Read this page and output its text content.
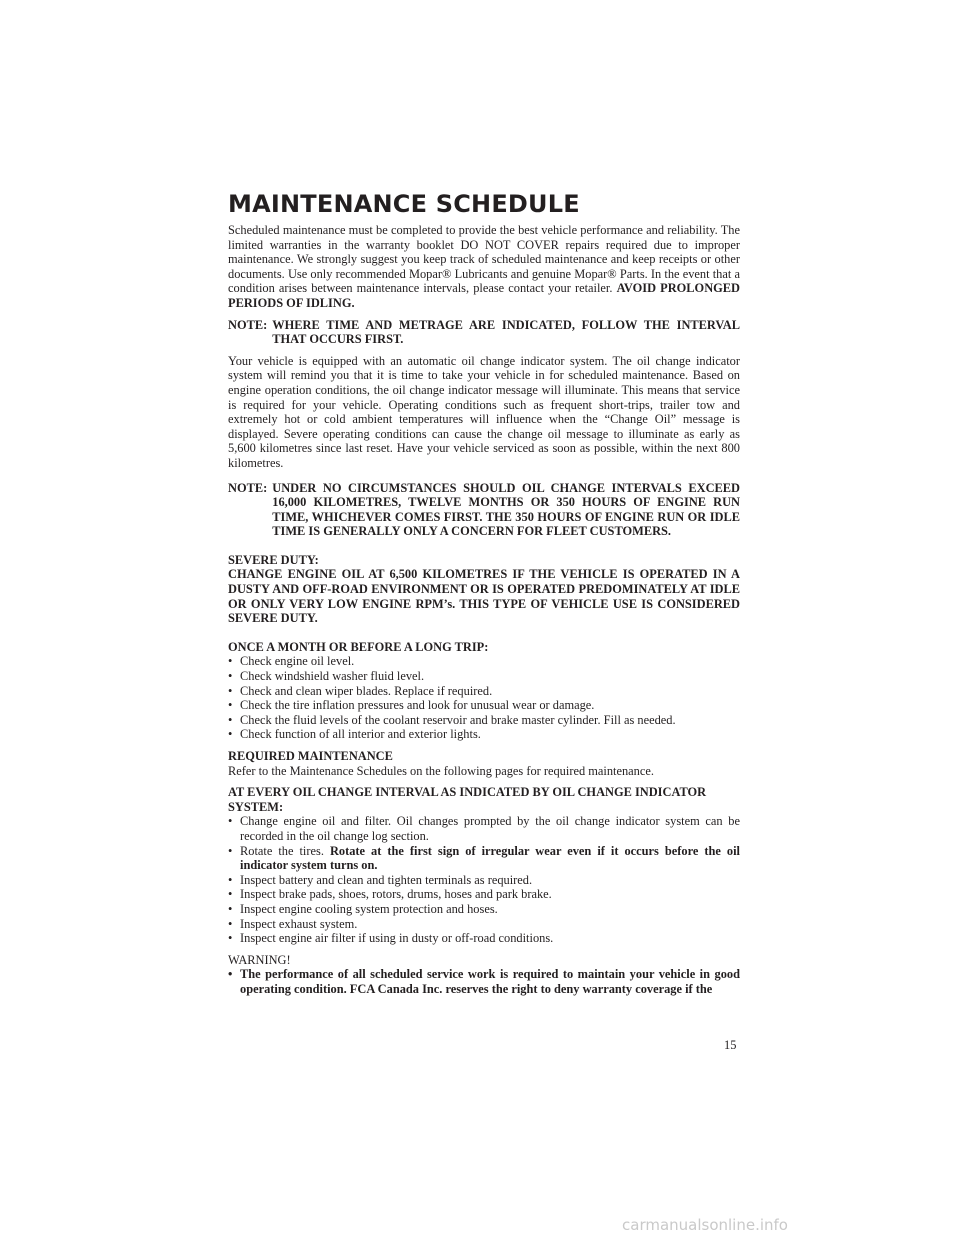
MAINTENANCE SCHEDULE

Scheduled maintenance must be completed to provide the best vehicle performance and reliability. The limited warranties in the warranty booklet DO NOT COVER repairs required due to improper maintenance. We strongly suggest you keep track of scheduled maintenance and keep receipts or other documents. Use only recommended Mopar® Lubricants and genuine Mopar® Parts. In the event that a condition arises between maintenance intervals, please contact your retailer. AVOID PROLONGED PERIODS OF IDLING.

NOTE: WHERE TIME AND METRAGE ARE INDICATED, FOLLOW THE INTERVAL THAT OCCURS FIRST.

Your vehicle is equipped with an automatic oil change indicator system. The oil change indicator system will remind you that it is time to take your vehicle in for scheduled maintenance. Based on engine operation conditions, the oil change indicator message will illuminate. This means that service is required for your vehicle. Operating conditions such as frequent short-trips, trailer tow and extremely hot or cold ambient temperatures will influence when the “Change Oil” message is displayed. Severe operating conditions can cause the change oil message to illuminate as early as 5,600 kilometres since last reset. Have your vehicle serviced as soon as possible, within the next 800 kilometres.

NOTE: UNDER NO CIRCUMSTANCES SHOULD OIL CHANGE INTERVALS EXCEED 16,000 KILOMETRES, TWELVE MONTHS OR 350 HOURS OF ENGINE RUN TIME, WHICHEVER COMES FIRST. THE 350 HOURS OF ENGINE RUN OR IDLE TIME IS GENERALLY ONLY A CONCERN FOR FLEET CUSTOMERS.
SEVERE DUTY:
CHANGE ENGINE OIL AT 6,500 KILOMETRES IF THE VEHICLE IS OPERATED IN A DUSTY AND OFF-ROAD ENVIRONMENT OR IS OPERATED PREDOMINATELY AT IDLE OR ONLY VERY LOW ENGINE RPM’s. THIS TYPE OF VEHICLE USE IS CONSIDERED SEVERE DUTY.
ONCE A MONTH OR BEFORE A LONG TRIP:
• Check engine oil level.
• Check windshield washer fluid level.
• Check and clean wiper blades. Replace if required.
• Check the tire inflation pressures and look for unusual wear or damage.
• Check the fluid levels of the coolant reservoir and brake master cylinder. Fill as needed.
• Check function of all interior and exterior lights.
REQUIRED MAINTENANCE

Refer to the Maintenance Schedules on the following pages for required maintenance.

AT EVERY OIL CHANGE INTERVAL AS INDICATED BY OIL CHANGE INDICATOR SYSTEM:
• Change engine oil and filter. Oil changes prompted by the oil change indicator system can be recorded in the oil change log section.
• Rotate the tires. Rotate at the first sign of irregular wear even if it occurs before the oil indicator system turns on.
• Inspect battery and clean and tighten terminals as required.
• Inspect brake pads, shoes, rotors, drums, hoses and park brake.
• Inspect engine cooling system protection and hoses.
• Inspect exhaust system.
• Inspect engine air filter if using in dusty or off-road conditions.
WARNING!
• The performance of all scheduled service work is required to maintain your vehicle in good operating condition. FCA Canada Inc. reserves the right to deny warranty coverage if the
15
carmanualsonline.info
